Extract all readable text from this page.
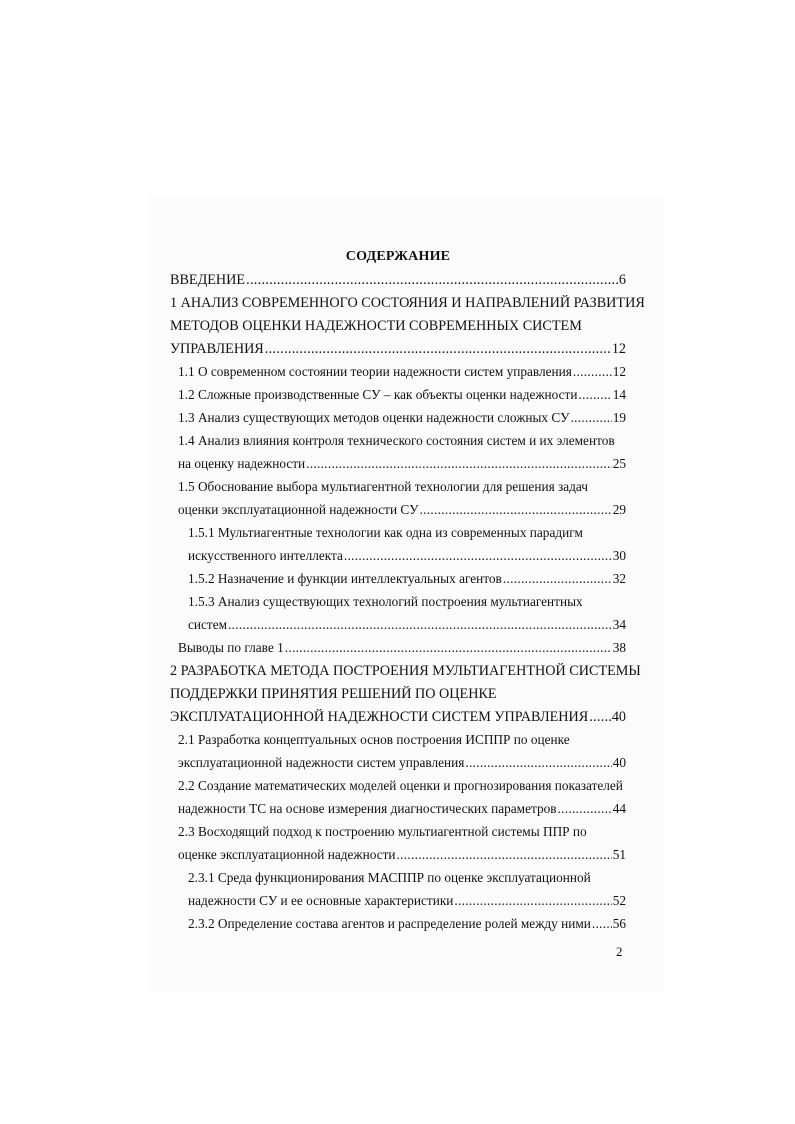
СОДЕРЖАНИЕ
ВВЕДЕНИЕ .....	6
1 АНАЛИЗ СОВРЕМЕННОГО СОСТОЯНИЯ И НАПРАВЛЕНИЙ РАЗВИТИЯ
МЕТОДОВ ОЦЕНКИ НАДЕЖНОСТИ СОВРЕМЕННЫХ СИСТЕМ
УПРАВЛЕНИЯ .....	12
1.1 О современном состоянии теории надежности систем управления .....	12
1.2 Сложные производственные СУ – как объекты оценки надежности .....	14
1.3 Анализ существующих методов оценки надежности сложных СУ .....	19
1.4 Анализ влияния контроля технического состояния систем и их элементов
на оценку надежности .....	25
1.5 Обоснование выбора мультиагентной технологии для решения задач
оценки эксплуатационной надежности СУ .....	29
1.5.1 Мультиагентные технологии как одна из современных парадигм
искусственного интеллекта .....	30
1.5.2 Назначение и функции интеллектуальных агентов .....	32
1.5.3 Анализ существующих технологий построения мультиагентных
систем .....	34
Выводы по главе 1 .....	38
2 РАЗРАБОТКА МЕТОДА ПОСТРОЕНИЯ МУЛЬТИАГЕНТНОЙ СИСТЕМЫ
ПОДДЕРЖКИ ПРИНЯТИЯ РЕШЕНИЙ ПО ОЦЕНКЕ
ЭКСПЛУАТАЦИОННОЙ НАДЕЖНОСТИ СИСТЕМ УПРАВЛЕНИЯ ..... 40
2.1 Разработка концептуальных основ построения ИСППР по оценке
эксплуатационной надежности систем управления .....	40
2.2 Создание математических моделей оценки и прогнозирования показателей
надежности ТС на основе измерения диагностических параметров .....	44
2.3 Восходящий подход к построению мультиагентной системы ППР по
оценке эксплуатационной надежности .....	51
2.3.1 Среда функционирования МАСППР по оценке эксплуатационной
надежности СУ и ее основные характеристики .....	52
2.3.2 Определение состава агентов и распределение ролей между ними ..... 56
2
